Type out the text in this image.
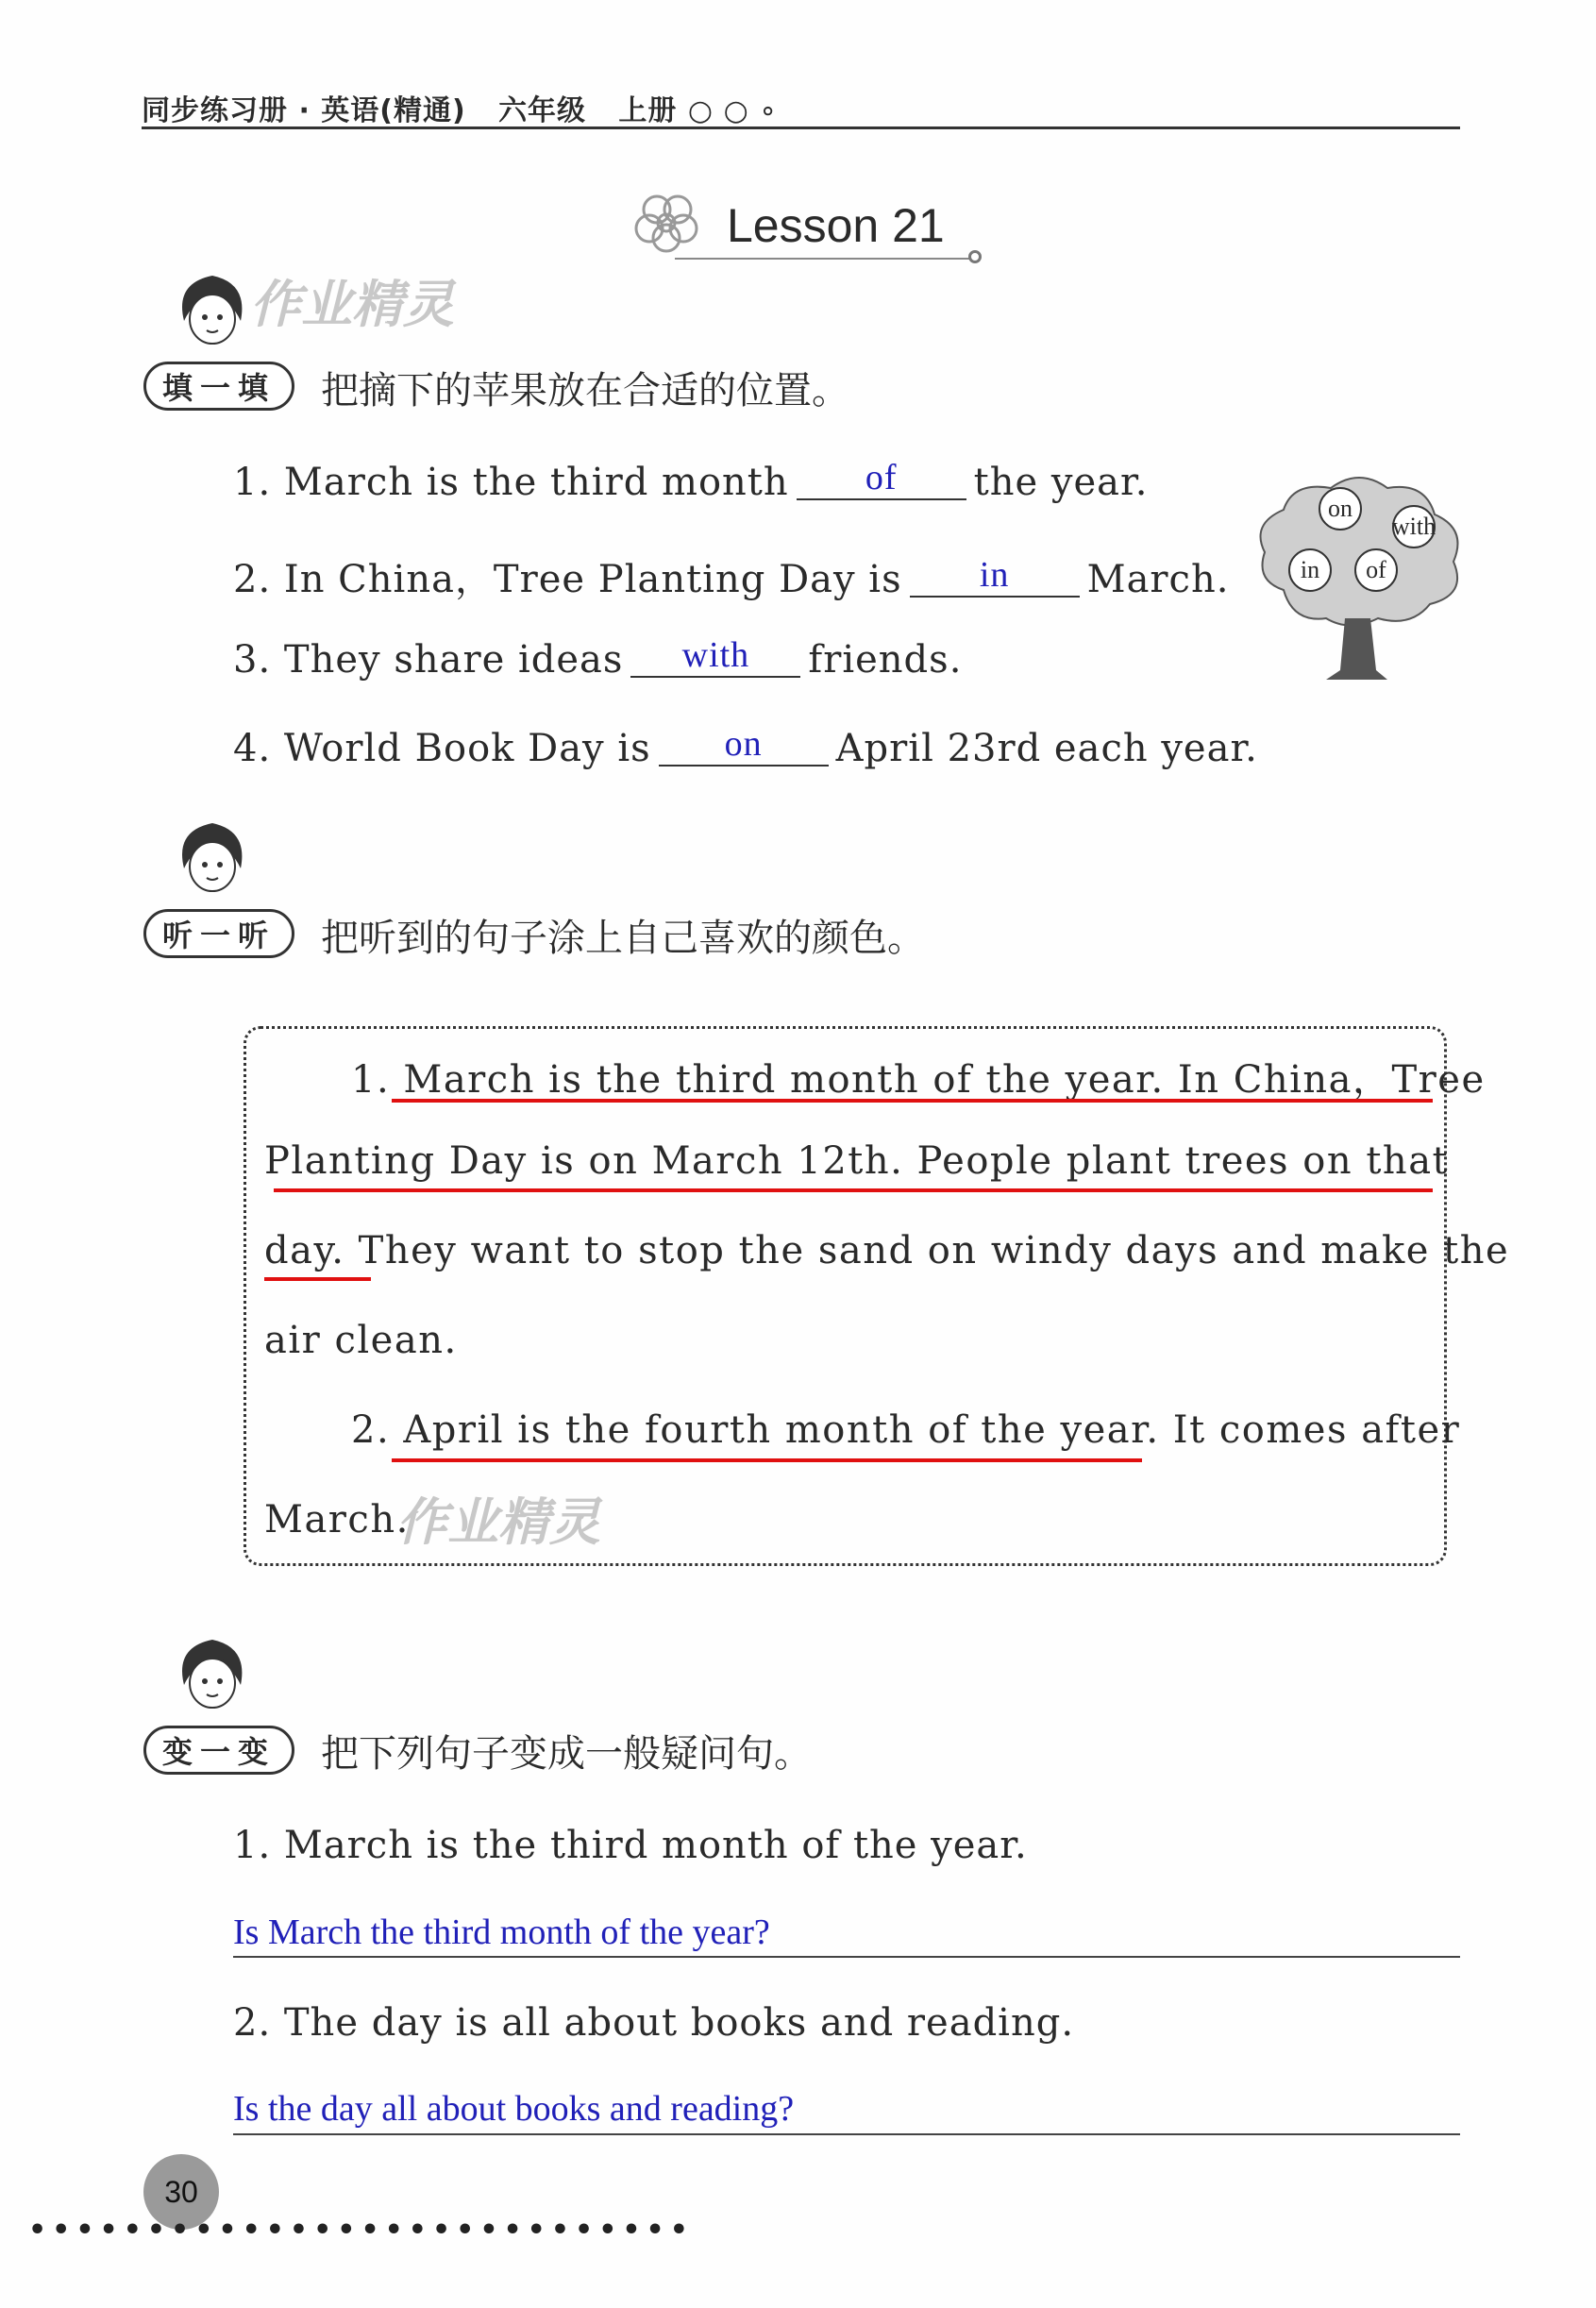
同步练习册 · 英语(精通) 六年级 上册 ○ ○ ∘
Lesson 21
作业精灵
填一填	把摘下的苹果放在合适的位置。
1. March is the third month of the year.
2. In China，Tree Planting Day is in March.
3. They share ideas with friends.
4. World Book Day is on April 23rd each year.
on
with
in	of
听一听	把听到的句子涂上自己喜欢的颜色。
1. March is the third month of the year. In China，Tree
Planting Day is on March 12th. People plant trees on that
day. They want to stop the sand on windy days and make the
air clean.
2. April is the fourth month of the year. It comes after
March.
作业精灵
变一变	把下列句子变成一般疑问句。
1. March is the third month of the year.
Is March the third month of the year?
2. The day is all about books and reading.
Is the day all about books and reading?
30
••••••••••••••••••••••••••••
